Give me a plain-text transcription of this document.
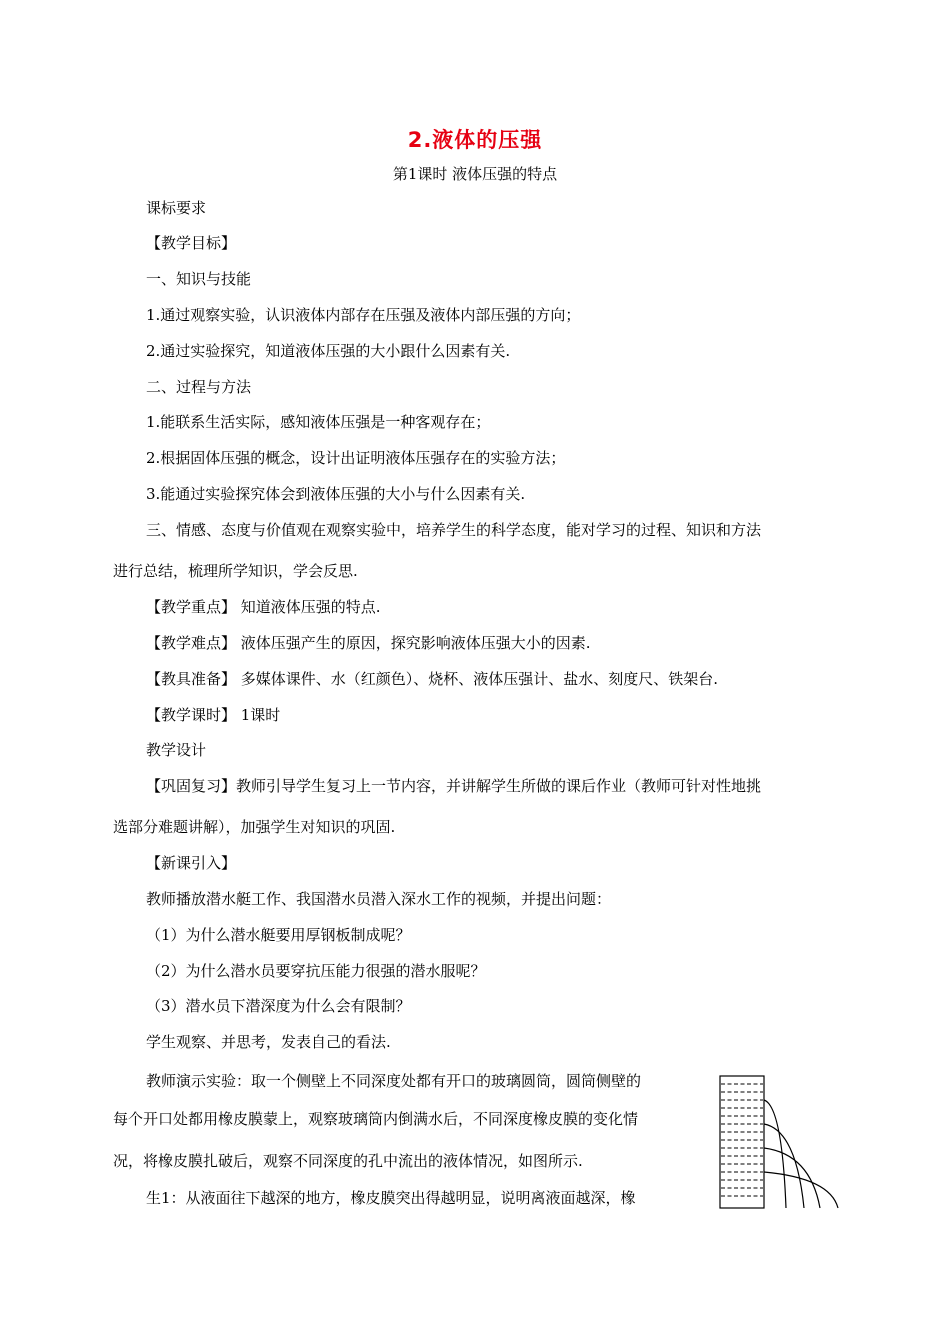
2.液体的压强
第1课时 液体压强的特点
课标要求
【教学目标】
一、知识与技能
1.通过观察实验，认识液体内部存在压强及液体内部压强的方向；
2.通过实验探究，知道液体压强的大小跟什么因素有关.
二、过程与方法
1.能联系生活实际，感知液体压强是一种客观存在；
2.根据固体压强的概念，设计出证明液体压强存在的实验方法；
3.能通过实验探究体会到液体压强的大小与什么因素有关.
三、情感、态度与价值观在观察实验中，培养学生的科学态度，能对学习的过程、知识和方法
进行总结，梳理所学知识，学会反思.
【教学重点】 知道液体压强的特点.
【教学难点】 液体压强产生的原因，探究影响液体压强大小的因素.
【教具准备】 多媒体课件、水（红颜色）、烧杯、液体压强计、盐水、刻度尺、铁架台.
【教学课时】 1课时
教学设计
【巩固复习】教师引导学生复习上一节内容，并讲解学生所做的课后作业（教师可针对性地挑
选部分难题讲解），加强学生对知识的巩固.
【新课引入】
教师播放潜水艇工作、我国潜水员潜入深水工作的视频，并提出问题：
（1）为什么潜水艇要用厚钢板制成呢？
（2）为什么潜水员要穿抗压能力很强的潜水服呢？
（3）潜水员下潜深度为什么会有限制？
学生观察、并思考，发表自己的看法.
教师演示实验：取一个侧壁上不同深度处都有开口的玻璃圆筒，圆筒侧壁的
每个开口处都用橡皮膜蒙上，观察玻璃筒内倒满水后，不同深度橡皮膜的变化情
况，将橡皮膜扎破后，观察不同深度的孔中流出的液体情况，如图所示.
生1：从液面往下越深的地方，橡皮膜突出得越明显，说明离液面越深，橡
